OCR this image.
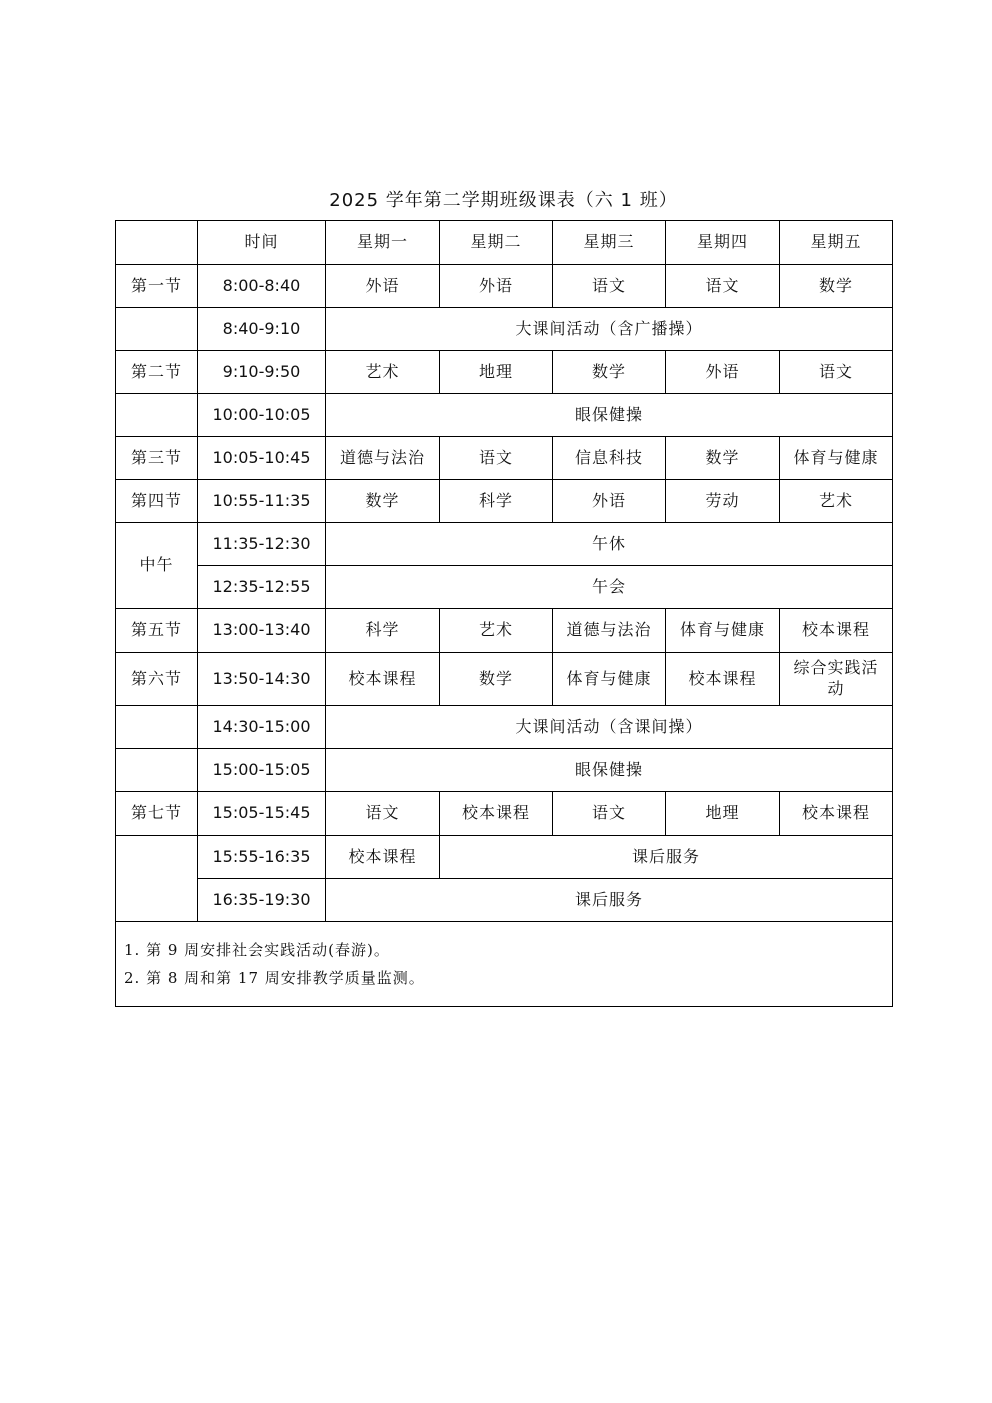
2025 学年第二学期班级课表（六 1 班）
	时间	星期一	星期二	星期三	星期四	星期五
第一节	8:00-8:40	外语	外语	语文	语文	数学
	8:40-9:10	大课间活动（含广播操）				
第二节	9:10-9:50	艺术	地理	数学	外语	语文
	10:00-10:05	眼保健操				
第三节	10:05-10:45	道德与法治	语文	信息科技	数学	体育与健康
第四节	10:55-11:35	数学	科学	外语	劳动	艺术
中午	11:35-12:30	午休				
	12:35-12:55	午会				
第五节	13:00-13:40	科学	艺术	道德与法治	体育与健康	校本课程
第六节	13:50-14:30	校本课程	数学	体育与健康	校本课程	综合实践活动
	14:30-15:00	大课间活动（含课间操）				
	15:00-15:05	眼保健操				
第七节	15:05-15:45	语文	校本课程	语文	地理	校本课程
	15:55-16:35	校本课程	课后服务			
	16:35-19:30	课后服务				

1. 第 9 周安排社会实践活动(春游)。
2. 第 8 周和第 17 周安排教学质量监测。						
